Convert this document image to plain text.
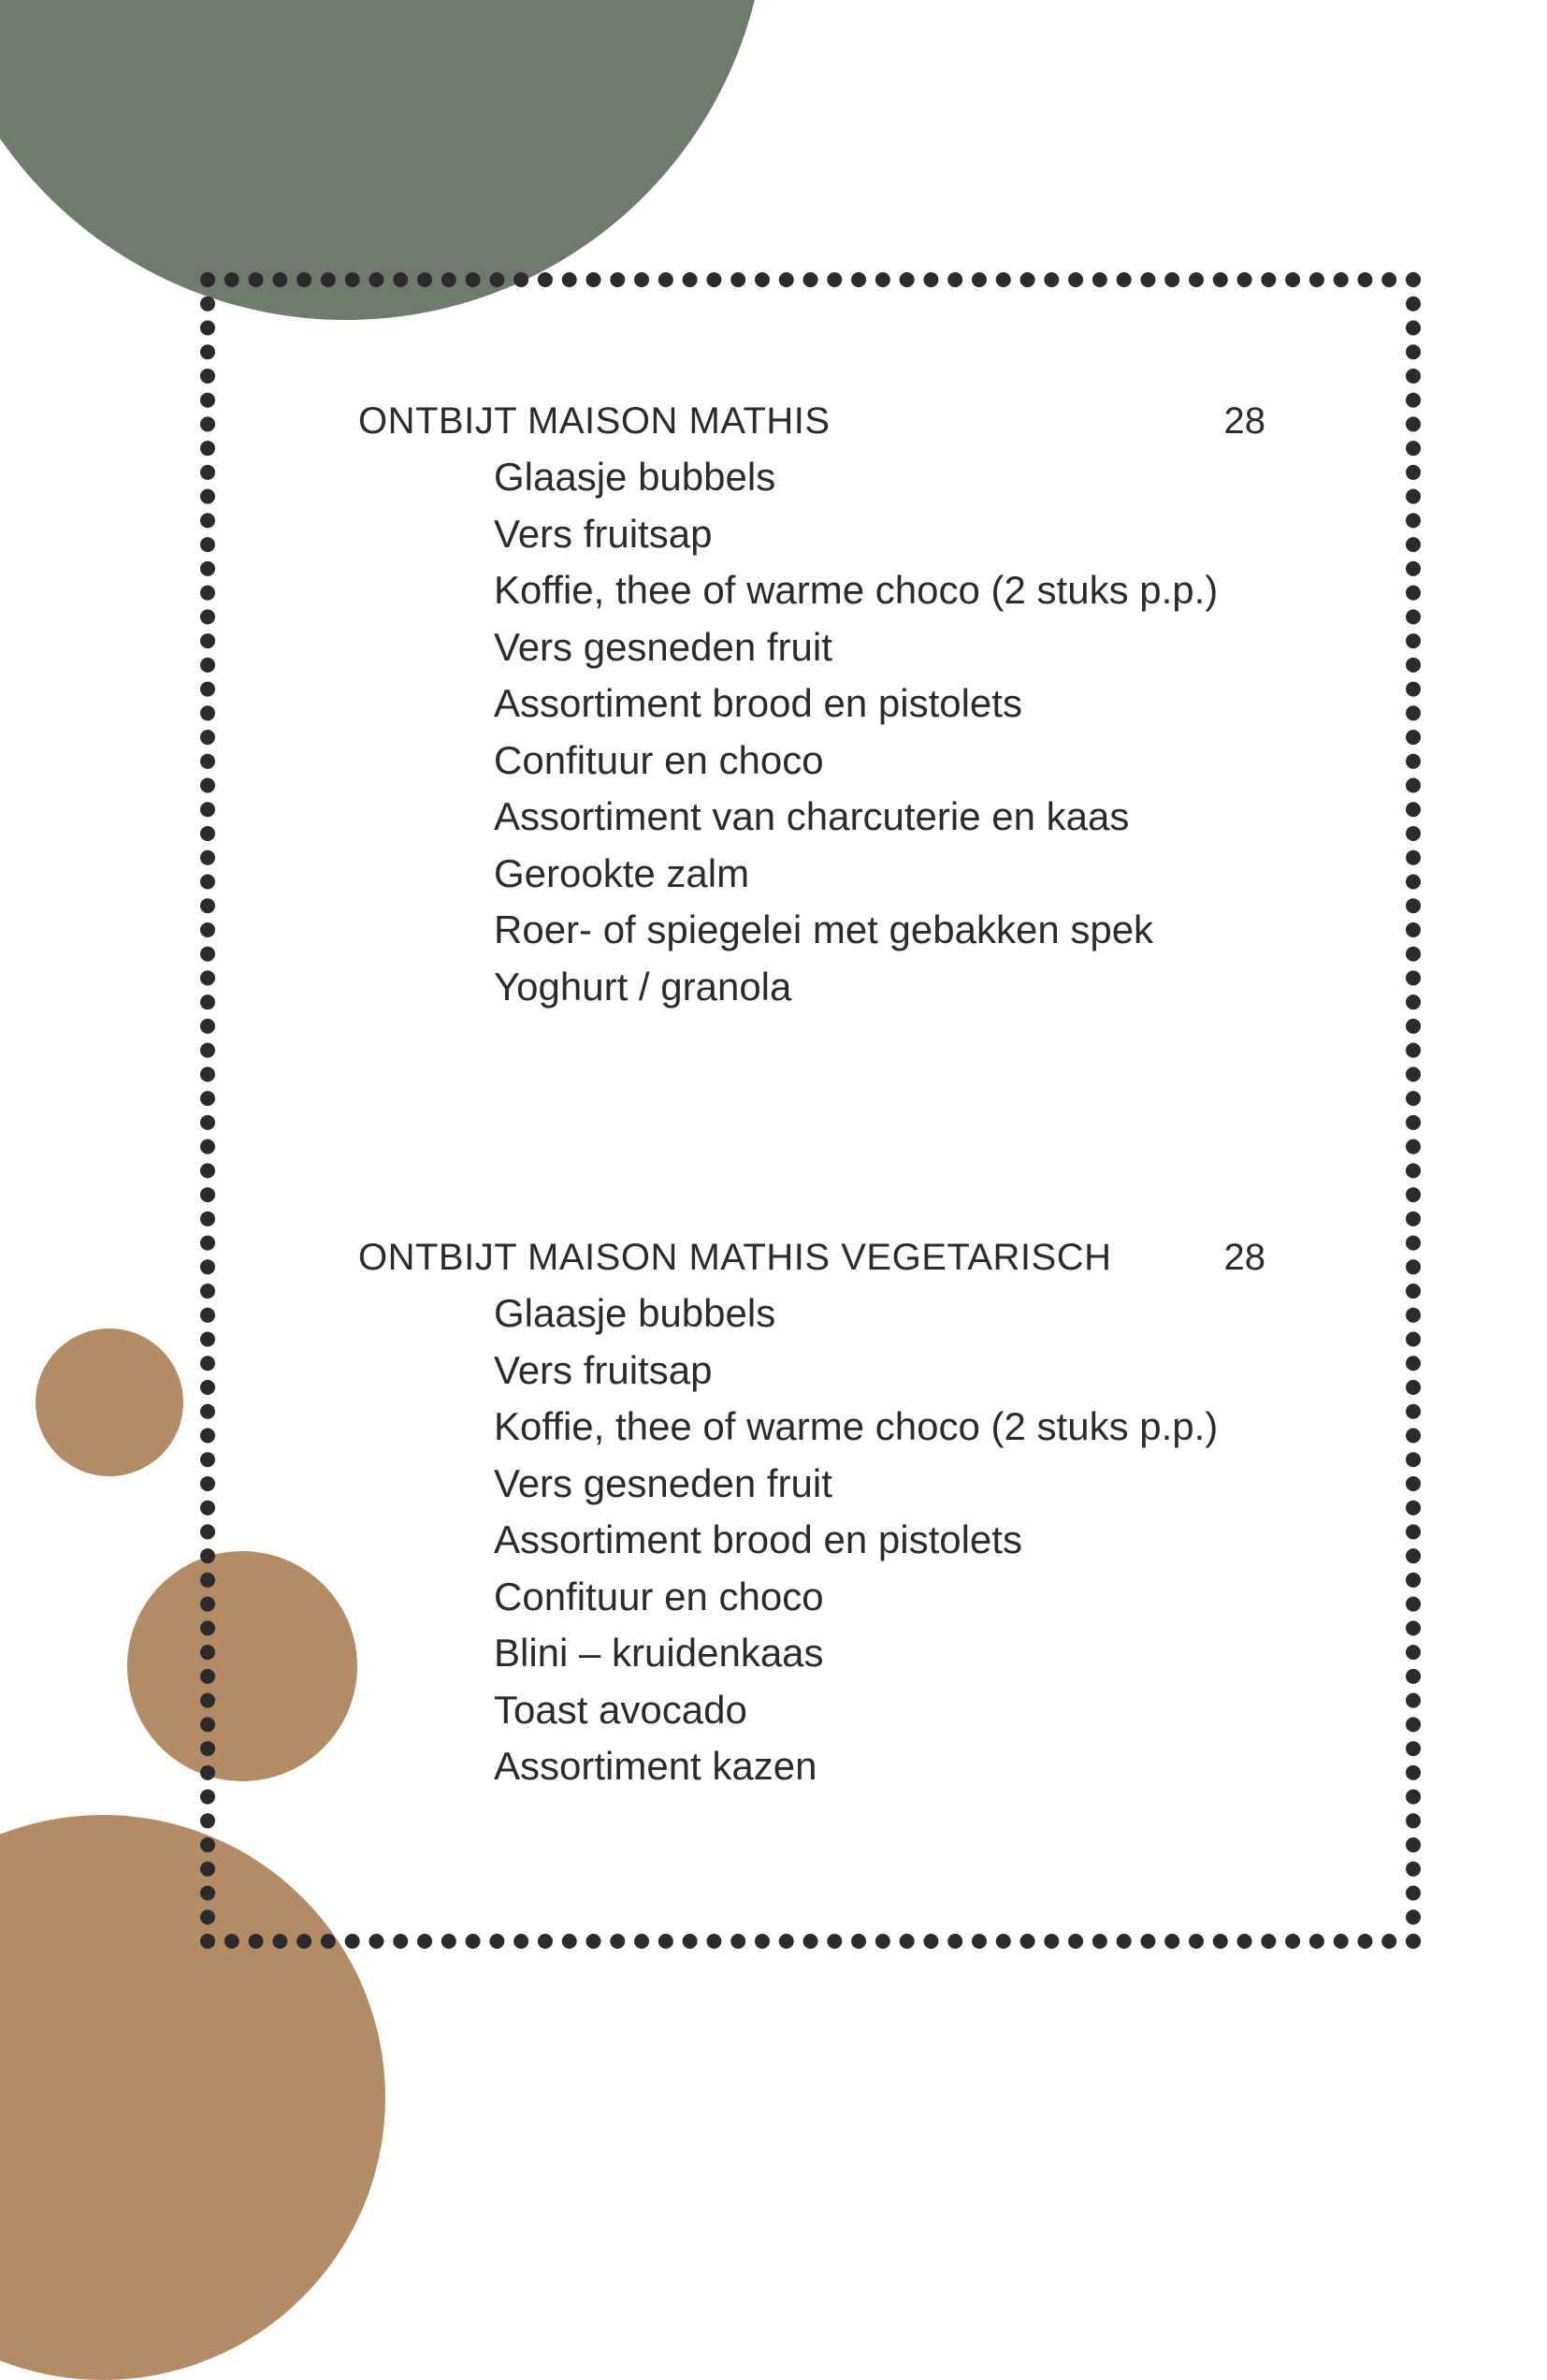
ONTBIJT MAISON MATHIS	28
Glaasje bubbels
Vers fruitsap
Koffie, thee of warme choco (2 stuks p.p.)
Vers gesneden fruit
Assortiment brood en pistolets
Confituur en choco
Assortiment van charcuterie en kaas
Gerookte zalm
Roer- of spiegelei met gebakken spek
Yoghurt / granola
ONTBIJT MAISON MATHIS VEGETARISCH	28
Glaasje bubbels
Vers fruitsap
Koffie, thee of warme choco (2 stuks p.p.)
Vers gesneden fruit
Assortiment brood en pistolets
Confituur en choco
Blini – kruidenkaas
Toast avocado
Assortiment kazen
